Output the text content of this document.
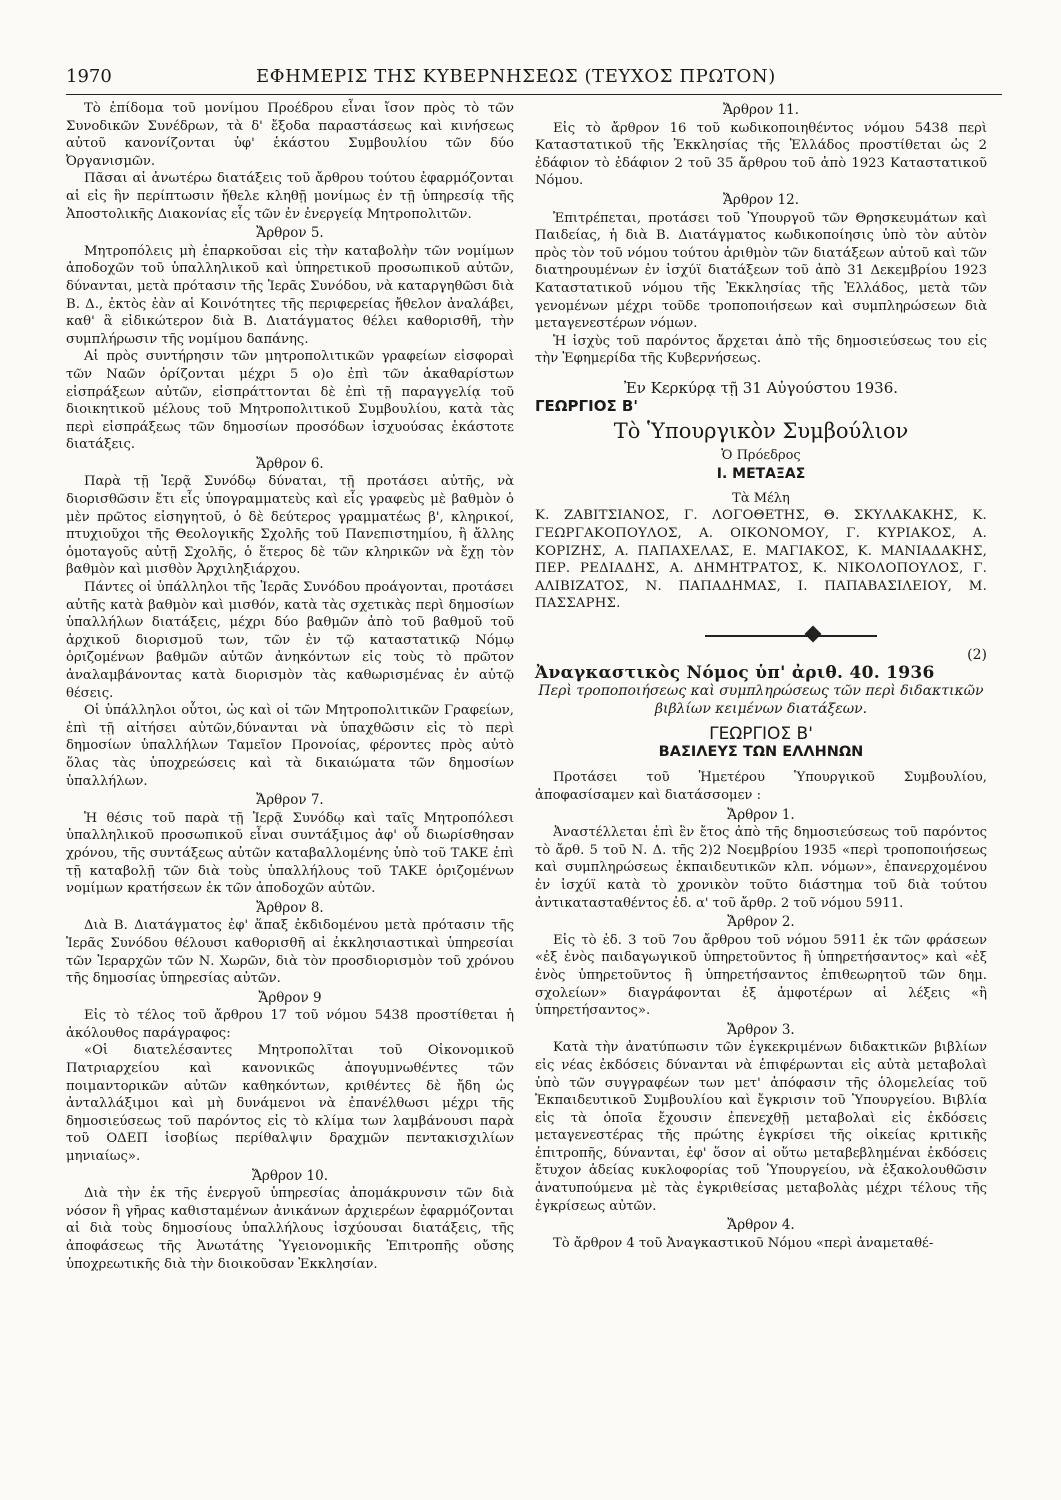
1970	ΕΦΗΜΕΡΙΣ ΤΗΣ ΚΥΒΕΡΝΗΣΕΩΣ (ΤΕΥΧΟΣ ΠΡΩΤΟΝ)

Τὸ ἐπίδομα τοῦ μονίμου Προέδρου εἶναι ἴσον πρὸς τὸ τῶν Συνοδικῶν Συνέδρων, τὰ δ' ἔξοδα παραστάσεως καὶ κινήσεως αὐτοῦ κανονίζονται ὑφ' ἑκάστου Συμβουλίου τῶν δύο Ὀργανισμῶν.

Πᾶσαι αἱ ἀνωτέρω διατάξεις τοῦ ἄρθρου τούτου ἐφαρμόζονται αἱ εἰς ἣν περίπτωσιν ἤθελε κληθῇ μονίμως ἐν τῇ ὑπηρεσίᾳ τῆς Ἀποστολικῆς Διακονίας εἷς τῶν ἐν ἐνεργείᾳ Μητροπολιτῶν.

Ἄρθρον 5.

Μητροπόλεις μὴ ἐπαρκοῦσαι εἰς τὴν καταβολὴν τῶν νομίμων ἀποδοχῶν τοῦ ὑπαλληλικοῦ καὶ ὑπηρετικοῦ προσωπικοῦ αὐτῶν, δύνανται, μετὰ πρότασιν τῆς Ἱερᾶς Συνόδου, νὰ καταργηθῶσι διὰ Β. Δ., ἐκτὸς ἐὰν αἱ Κοινότητες τῆς περιφερείας ἤθελον ἀναλάβει, καθ' ἃ εἰδικώτερον διὰ Β. Διατάγματος θέλει καθορισθῆ, τὴν συμπλήρωσιν τῆς νομίμου δαπάνης.

Αἱ πρὸς συντήρησιν τῶν μητροπολιτικῶν γραφείων εἰσφοραὶ τῶν Ναῶν ὁρίζονται μέχρι 5 ο)ο ἐπὶ τῶν ἀκαθαρίστων εἰσπράξεων αὐτῶν, εἰσπράττονται δὲ ἐπὶ τῇ παραγγελίᾳ τοῦ διοικητικοῦ μέλους τοῦ Μητροπολιτικοῦ Συμβουλίου, κατὰ τὰς περὶ εἰσπράξεως τῶν δημοσίων προσόδων ἰσχυούσας ἑκάστοτε διατάξεις.

Ἄρθρον 6.

Παρὰ τῇ Ἱερᾷ Συνόδῳ δύναται, τῇ προτάσει αὐτῆς, νὰ διορισθῶσιν ἔτι εἷς ὑπογραμματεὺς καὶ εἷς γραφεὺς μὲ βαθμὸν ὁ μὲν πρῶτος εἰσηγητοῦ, ὁ δὲ δεύτερος γραμματέως β', κληρικοί, πτυχιοῦχοι τῆς Θεολογικῆς Σχολῆς τοῦ Πανεπιστημίου, ἢ ἄλλης ὁμοταγοῦς αὐτῇ Σχολῆς, ὁ ἕτερος δὲ τῶν κληρικῶν νὰ ἔχῃ τὸν βαθμὸν καὶ μισθὸν Ἀρχιληξιάρχου.

Πάντες οἱ ὑπάλληλοι τῆς Ἱερᾶς Συνόδου προάγονται, προτάσει αὐτῆς κατὰ βαθμὸν καὶ μισθόν, κατὰ τὰς σχετικὰς περὶ δημοσίων ὑπαλλήλων διατάξεις, μέχρι δύο βαθμῶν ἀπὸ τοῦ βαθμοῦ τοῦ ἀρχικοῦ διορισμοῦ των, τῶν ἐν τῷ καταστατικῷ Νόμῳ ὁριζομένων βαθμῶν αὐτῶν ἀνηκόντων εἰς τοὺς τὸ πρῶτον ἀναλαμβάνοντας κατὰ διορισμὸν τὰς καθωρισμένας ἐν αὐτῷ θέσεις.

Οἱ ὑπάλληλοι οὗτοι, ὡς καὶ οἱ τῶν Μητροπολιτικῶν Γραφείων, ἐπὶ τῇ αἰτήσει αὐτῶν,δύνανται νὰ ὑπαχθῶσιν εἰς τὸ περὶ δημοσίων ὑπαλλήλων Ταμεῖον Προνοίας, φέροντες πρὸς αὐτὸ ὅλας τὰς ὑποχρεώσεις καὶ τὰ δικαιώματα τῶν δημοσίων ὑπαλλήλων.

Ἄρθρον 7.

Ἡ θέσις τοῦ παρὰ τῇ Ἱερᾷ Συνόδῳ καὶ ταῖς Μητροπόλεσι ὑπαλληλικοῦ προσωπικοῦ εἶναι συντάξιμος ἀφ' οὗ διωρίσθησαν χρόνου, τῆς συντάξεως αὐτῶν καταβαλλομένης ὑπὸ τοῦ ΤΑΚΕ ἐπὶ τῇ καταβολῇ τῶν διὰ τοὺς ὑπαλλήλους τοῦ ΤΑΚΕ ὁριζομένων νομίμων κρατήσεων ἐκ τῶν ἀποδοχῶν αὐτῶν.

Ἄρθρον 8.

Διὰ Β. Διατάγματος ἐφ' ἅπαξ ἐκδιδομένου μετὰ πρότασιν τῆς Ἱερᾶς Συνόδου θέλουσι καθορισθῆ αἱ ἐκκλησιαστικαὶ ὑπηρεσίαι τῶν Ἱεραρχῶν τῶν Ν. Χωρῶν, διὰ τὸν προσδιορισμὸν τοῦ χρόνου τῆς δημοσίας ὑπηρεσίας αὐτῶν.

Ἄρθρον 9

Εἰς τὸ τέλος τοῦ ἄρθρου 17 τοῦ νόμου 5438 προστίθεται ἡ ἀκόλουθος παράγραφος:

«Οἱ διατελέσαντες Μητροπολῖται τοῦ Οἰκονομικοῦ Πατριαρχείου καὶ κανονικῶς ἀπογυμνωθέντες τῶν ποιμαντορικῶν αὐτῶν καθηκόντων, κριθέντες δὲ ἤδη ὡς ἀνταλλάξιμοι καὶ μὴ δυνάμενοι νὰ ἐπανέλθωσι μέχρι τῆς δημοσιεύσεως τοῦ παρόντος εἰς τὸ κλίμα των λαμβάνουσι παρὰ τοῦ ΟΔΕΠ ἰσοβίως περίθαλψιν δραχμῶν πεντακισχιλίων μηνιαίως».

Ἄρθρον 10.

Διὰ τὴν ἐκ τῆς ἐνεργοῦ ὑπηρεσίας ἀπομάκρυνσιν τῶν διὰ νόσον ἢ γῆρας καθισταμένων ἀνικάνων ἀρχιερέων ἐφαρμόζονται αἱ διὰ τοὺς δημοσίους ὑπαλλήλους ἰσχύουσαι διατάξεις, τῆς ἀποφάσεως τῆς Ἀνωτάτης Ὑγειονομικῆς Ἐπιτροπῆς οὔσης ὑποχρεωτικῆς διὰ τὴν διοικοῦσαν Ἐκκλησίαν.

Ἄρθρον 11.

Εἰς τὸ ἄρθρον 16 τοῦ κωδικοποιηθέντος νόμου 5438 περὶ Καταστατικοῦ τῆς Ἐκκλησίας τῆς Ἑλλάδος προστίθεται ὡς 2 ἐδάφιον τὸ ἐδάφιον 2 τοῦ 35 ἄρθρου τοῦ ἀπὸ 1923 Καταστατικοῦ Νόμου.

Ἄρθρον 12.

Ἐπιτρέπεται, προτάσει τοῦ Ὑπουργοῦ τῶν Θρησκευμάτων καὶ Παιδείας, ἡ διὰ Β. Διατάγματος κωδικοποίησις ὑπὸ τὸν αὐτὸν πρὸς τὸν τοῦ νόμου τούτου ἀριθμὸν τῶν διατάξεων αὐτοῦ καὶ τῶν διατηρουμένων ἐν ἰσχύϊ διατάξεων τοῦ ἀπὸ 31 Δεκεμβρίου 1923 Καταστατικοῦ νόμου τῆς Ἐκκλησίας τῆς Ἑλλάδος, μετὰ τῶν γενομένων μέχρι τοῦδε τροποποιήσεων καὶ συμπληρώσεων διὰ μεταγενεστέρων νόμων.

Ἡ ἰσχὺς τοῦ παρόντος ἄρχεται ἀπὸ τῆς δημοσιεύσεως του εἰς τὴν Ἐφημερίδα τῆς Κυβερνήσεως.

Ἐν Κερκύρᾳ τῇ 31 Αὐγούστου 1936.

ΓΕΩΡΓΙΟΣ Β'

Τὸ Ὑπουργικὸν Συμβούλιον
Ὁ Πρόεδρος
Ι. ΜΕΤΑΞΑΣ
Τὰ Μέλη

Κ. ΖΑΒΙΤΣΙΑΝΟΣ, Γ. ΛΟΓΟΘΕΤΗΣ, Θ. ΣΚΥΛΑΚΑΚΗΣ, Κ. ΓΕΩΡΓΑΚΟΠΟΥΛΟΣ, Α. ΟΙΚΟΝΟΜΟΥ, Γ. ΚΥΡΙΑΚΟΣ, Α. ΚΟΡΙΖΗΣ, Α. ΠΑΠΑΧΕΛΑΣ, Ε. ΜΑΓΙΑΚΟΣ, Κ. ΜΑΝΙΑΔΑΚΗΣ, ΠΕΡ. ΡΕΔΙΑΔΗΣ, Α. ΔΗΜΗΤΡΑΤΟΣ, Κ. ΝΙΚΟΛΟΠΟΥΛΟΣ, Γ. ΑΛΙΒΙΖΑΤΟΣ, Ν. ΠΑΠΑΔΗΜΑΣ, Ι. ΠΑΠΑΒΑΣΙΛΕΙΟΥ, Μ. ΠΑΣΣΑΡΗΣ.

(2)

Ἀναγκαστικὸς Νόμος ὑπ' ἀριθ. 40. 1936

Περὶ τροποποιήσεως καὶ συμπληρώσεως τῶν περὶ διδακτικῶν βιβλίων κειμένων διατάξεων.

ΓΕΩΡΓΙΟΣ Β'

ΒΑΣΙΛΕΥΣ ΤΩΝ ΕΛΛΗΝΩΝ

Προτάσει τοῦ Ἡμετέρου Ὑπουργικοῦ Συμβουλίου, ἀποφασίσαμεν καὶ διατάσσομεν :

Ἄρθρον 1.

Ἀναστέλλεται ἐπὶ ἓν ἔτος ἀπὸ τῆς δημοσιεύσεως τοῦ παρόντος τὸ ἄρθ. 5 τοῦ Ν. Δ. τῆς 2)2 Νοεμβρίου 1935 «περὶ τροποποιήσεως καὶ συμπληρώσεως ἐκπαιδευτικῶν κλπ. νόμων», ἐπανερχομένου ἐν ἰσχύϊ κατὰ τὸ χρονικὸν τοῦτο διάστημα τοῦ διὰ τούτου ἀντικατασταθέντος ἐδ. α' τοῦ ἄρθρ. 2 τοῦ νόμου 5911.

Ἄρθρον 2.

Εἰς τὸ ἐδ. 3 τοῦ 7ου ἄρθρου τοῦ νόμου 5911 ἐκ τῶν φράσεων «ἐξ ἑνὸς παιδαγωγικοῦ ὑπηρετοῦντος ἢ ὑπηρετήσαντος» καὶ «ἐξ ἑνὸς ὑπηρετοῦντος ἢ ὑπηρετήσαντος ἐπιθεωρητοῦ τῶν δημ. σχολείων» διαγράφονται ἐξ ἀμφοτέρων αἱ λέξεις «ἢ ὑπηρετήσαντος».

Ἄρθρον 3.

Κατὰ τὴν ἀνατύπωσιν τῶν ἐγκεκριμένων διδακτικῶν βιβλίων εἰς νέας ἐκδόσεις δύνανται νὰ ἐπιφέρωνται εἰς αὐτὰ μεταβολαὶ ὑπὸ τῶν συγγραφέων των μετ' ἀπόφασιν τῆς ὁλομελείας τοῦ Ἐκπαιδευτικοῦ Συμβουλίου καὶ ἔγκρισιν τοῦ Ὑπουργείου. Βιβλία εἰς τὰ ὁποῖα ἔχουσιν ἐπενεχθῇ μεταβολαὶ εἰς ἐκδόσεις μεταγενεστέρας τῆς πρώτης ἐγκρίσει τῆς οἰκείας κριτικῆς ἐπιτροπῆς, δύνανται, ἐφ' ὅσον αἱ οὕτω μεταβεβλημέναι ἐκδόσεις ἔτυχον ἀδείας κυκλοφορίας τοῦ Ὑπουργείου, νὰ ἐξακολουθῶσιν ἀνατυπούμενα μὲ τὰς ἐγκριθείσας μεταβολὰς μέχρι τέλους τῆς ἐγκρίσεως αὐτῶν.

Ἄρθρον 4.

Τὸ ἄρθρον 4 τοῦ Ἀναγκαστικοῦ Νόμου «περὶ ἀναμεταθέ-
